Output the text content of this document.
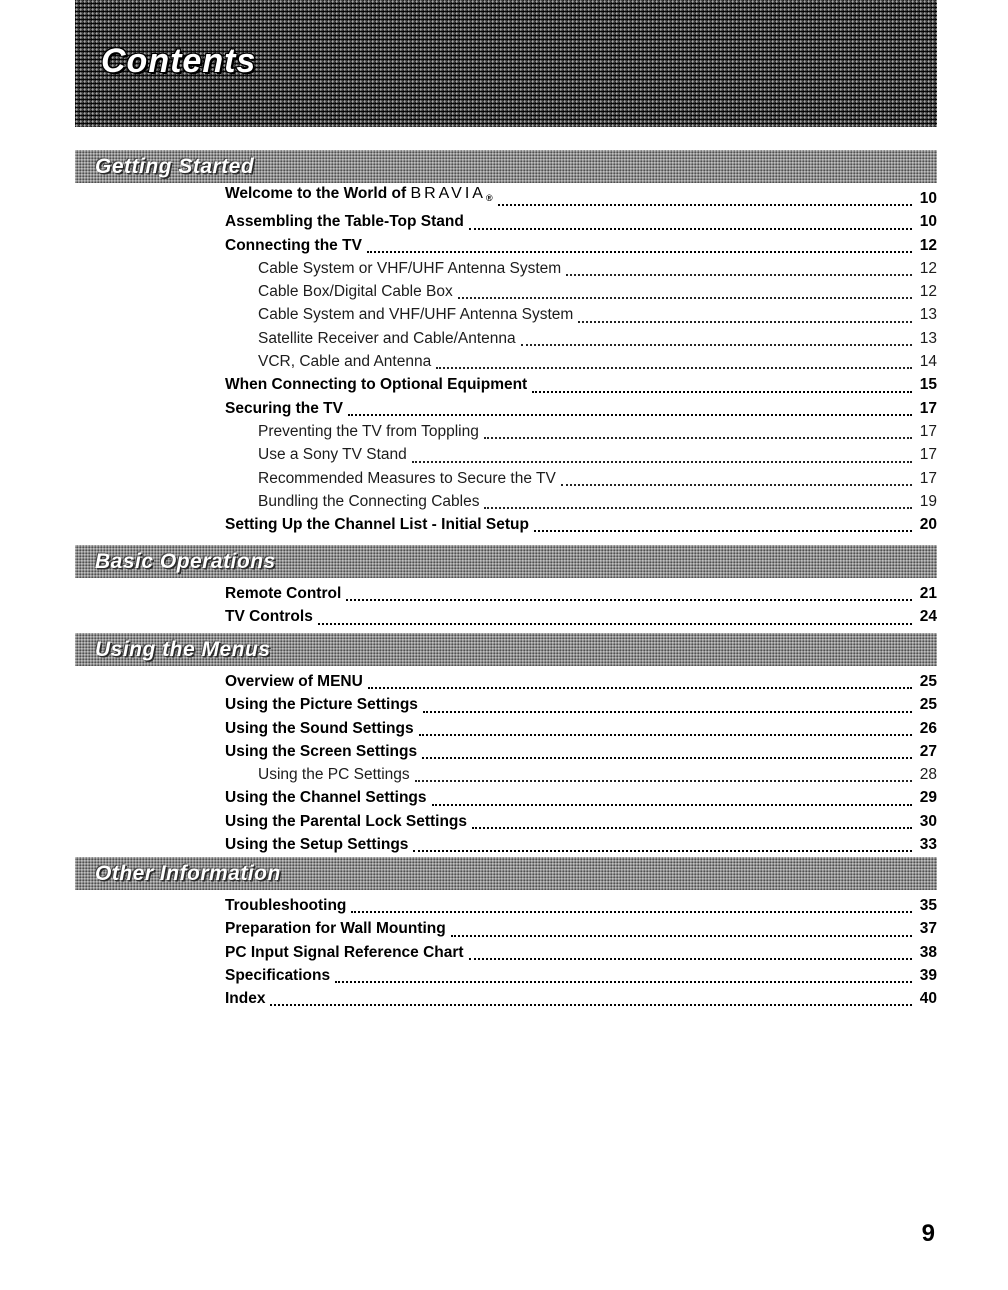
Contents
Getting Started
Welcome to the World of BRAVIA®	10
Assembling the Table-Top Stand	10
Connecting the TV	12
Cable System or VHF/UHF Antenna System	12
Cable Box/Digital Cable Box	12
Cable System and VHF/UHF Antenna System	13
Satellite Receiver and Cable/Antenna	13
VCR, Cable and Antenna	14
When Connecting to Optional Equipment	15
Securing the TV	17
Preventing the TV from Toppling	17
Use a Sony TV Stand	17
Recommended Measures to Secure the TV	17
Bundling the Connecting Cables	19
Setting Up the Channel List - Initial Setup	20
Basic Operations
Remote Control	21
TV Controls	24
Using the Menus
Overview of MENU	25
Using the Picture Settings	25
Using the Sound Settings	26
Using the Screen Settings	27
Using the PC Settings	28
Using the Channel Settings	29
Using the Parental Lock Settings	30
Using the Setup Settings	33
Other Information
Troubleshooting	35
Preparation for Wall Mounting	37
PC Input Signal Reference Chart	38
Specifications	39
Index	40
9
